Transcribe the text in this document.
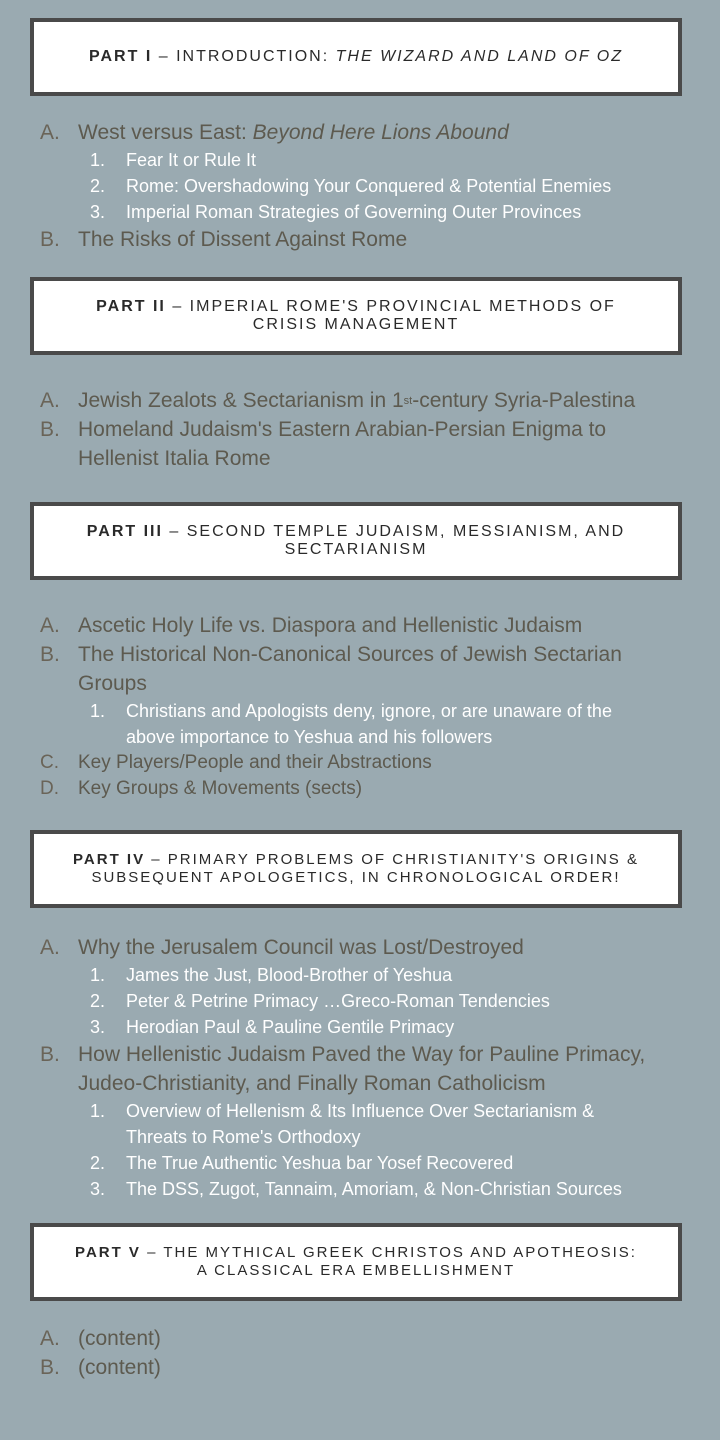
PART I – INTRODUCTION: THE WIZARD AND LAND OF OZ
A. West versus East: Beyond Here Lions Abound
1. Fear It or Rule It
2. Rome: Overshadowing Your Conquered & Potential Enemies
3. Imperial Roman Strategies of Governing Outer Provinces
B. The Risks of Dissent Against Rome
PART II – IMPERIAL ROME'S PROVINCIAL METHODS OF
CRISIS MANAGEMENT
A. Jewish Zealots & Sectarianism in 1st-century Syria-Palestina
B. Homeland Judaism's Eastern Arabian-Persian Enigma to
Hellenist Italia Rome
PART III – SECOND TEMPLE JUDAISM, MESSIANISM, AND
SECTARIANISM
A. Ascetic Holy Life vs. Diaspora and Hellenistic Judaism
B. The Historical Non-Canonical Sources of Jewish Sectarian
Groups
1. Christians and Apologists deny, ignore, or are unaware of the
above importance to Yeshua and his followers
C. Key Players/People and their Abstractions
D. Key Groups & Movements (sects)
PART IV – PRIMARY PROBLEMS OF CHRISTIANITY'S ORIGINS &
SUBSEQUENT APOLOGETICS, IN CHRONOLOGICAL ORDER!
A. Why the Jerusalem Council was Lost/Destroyed
1. James the Just, Blood-Brother of Yeshua
2. Peter & Petrine Primacy …Greco-Roman Tendencies
3. Herodian Paul & Pauline Gentile Primacy
B. How Hellenistic Judaism Paved the Way for Pauline Primacy,
Judeo-Christianity, and Finally Roman Catholicism
1. Overview of Hellenism & Its Influence Over Sectarianism &
Threats to Rome's Orthodoxy
2. The True Authentic Yeshua bar Yosef Recovered
3. The DSS, Zugot, Tannaim, Amoriam, & Non-Christian Sources
PART V – THE MYTHICAL GREEK CHRISTOS AND APOTHEOSIS:
A CLASSICAL ERA EMBELLISHMENT
A. (content)
B. (content)
